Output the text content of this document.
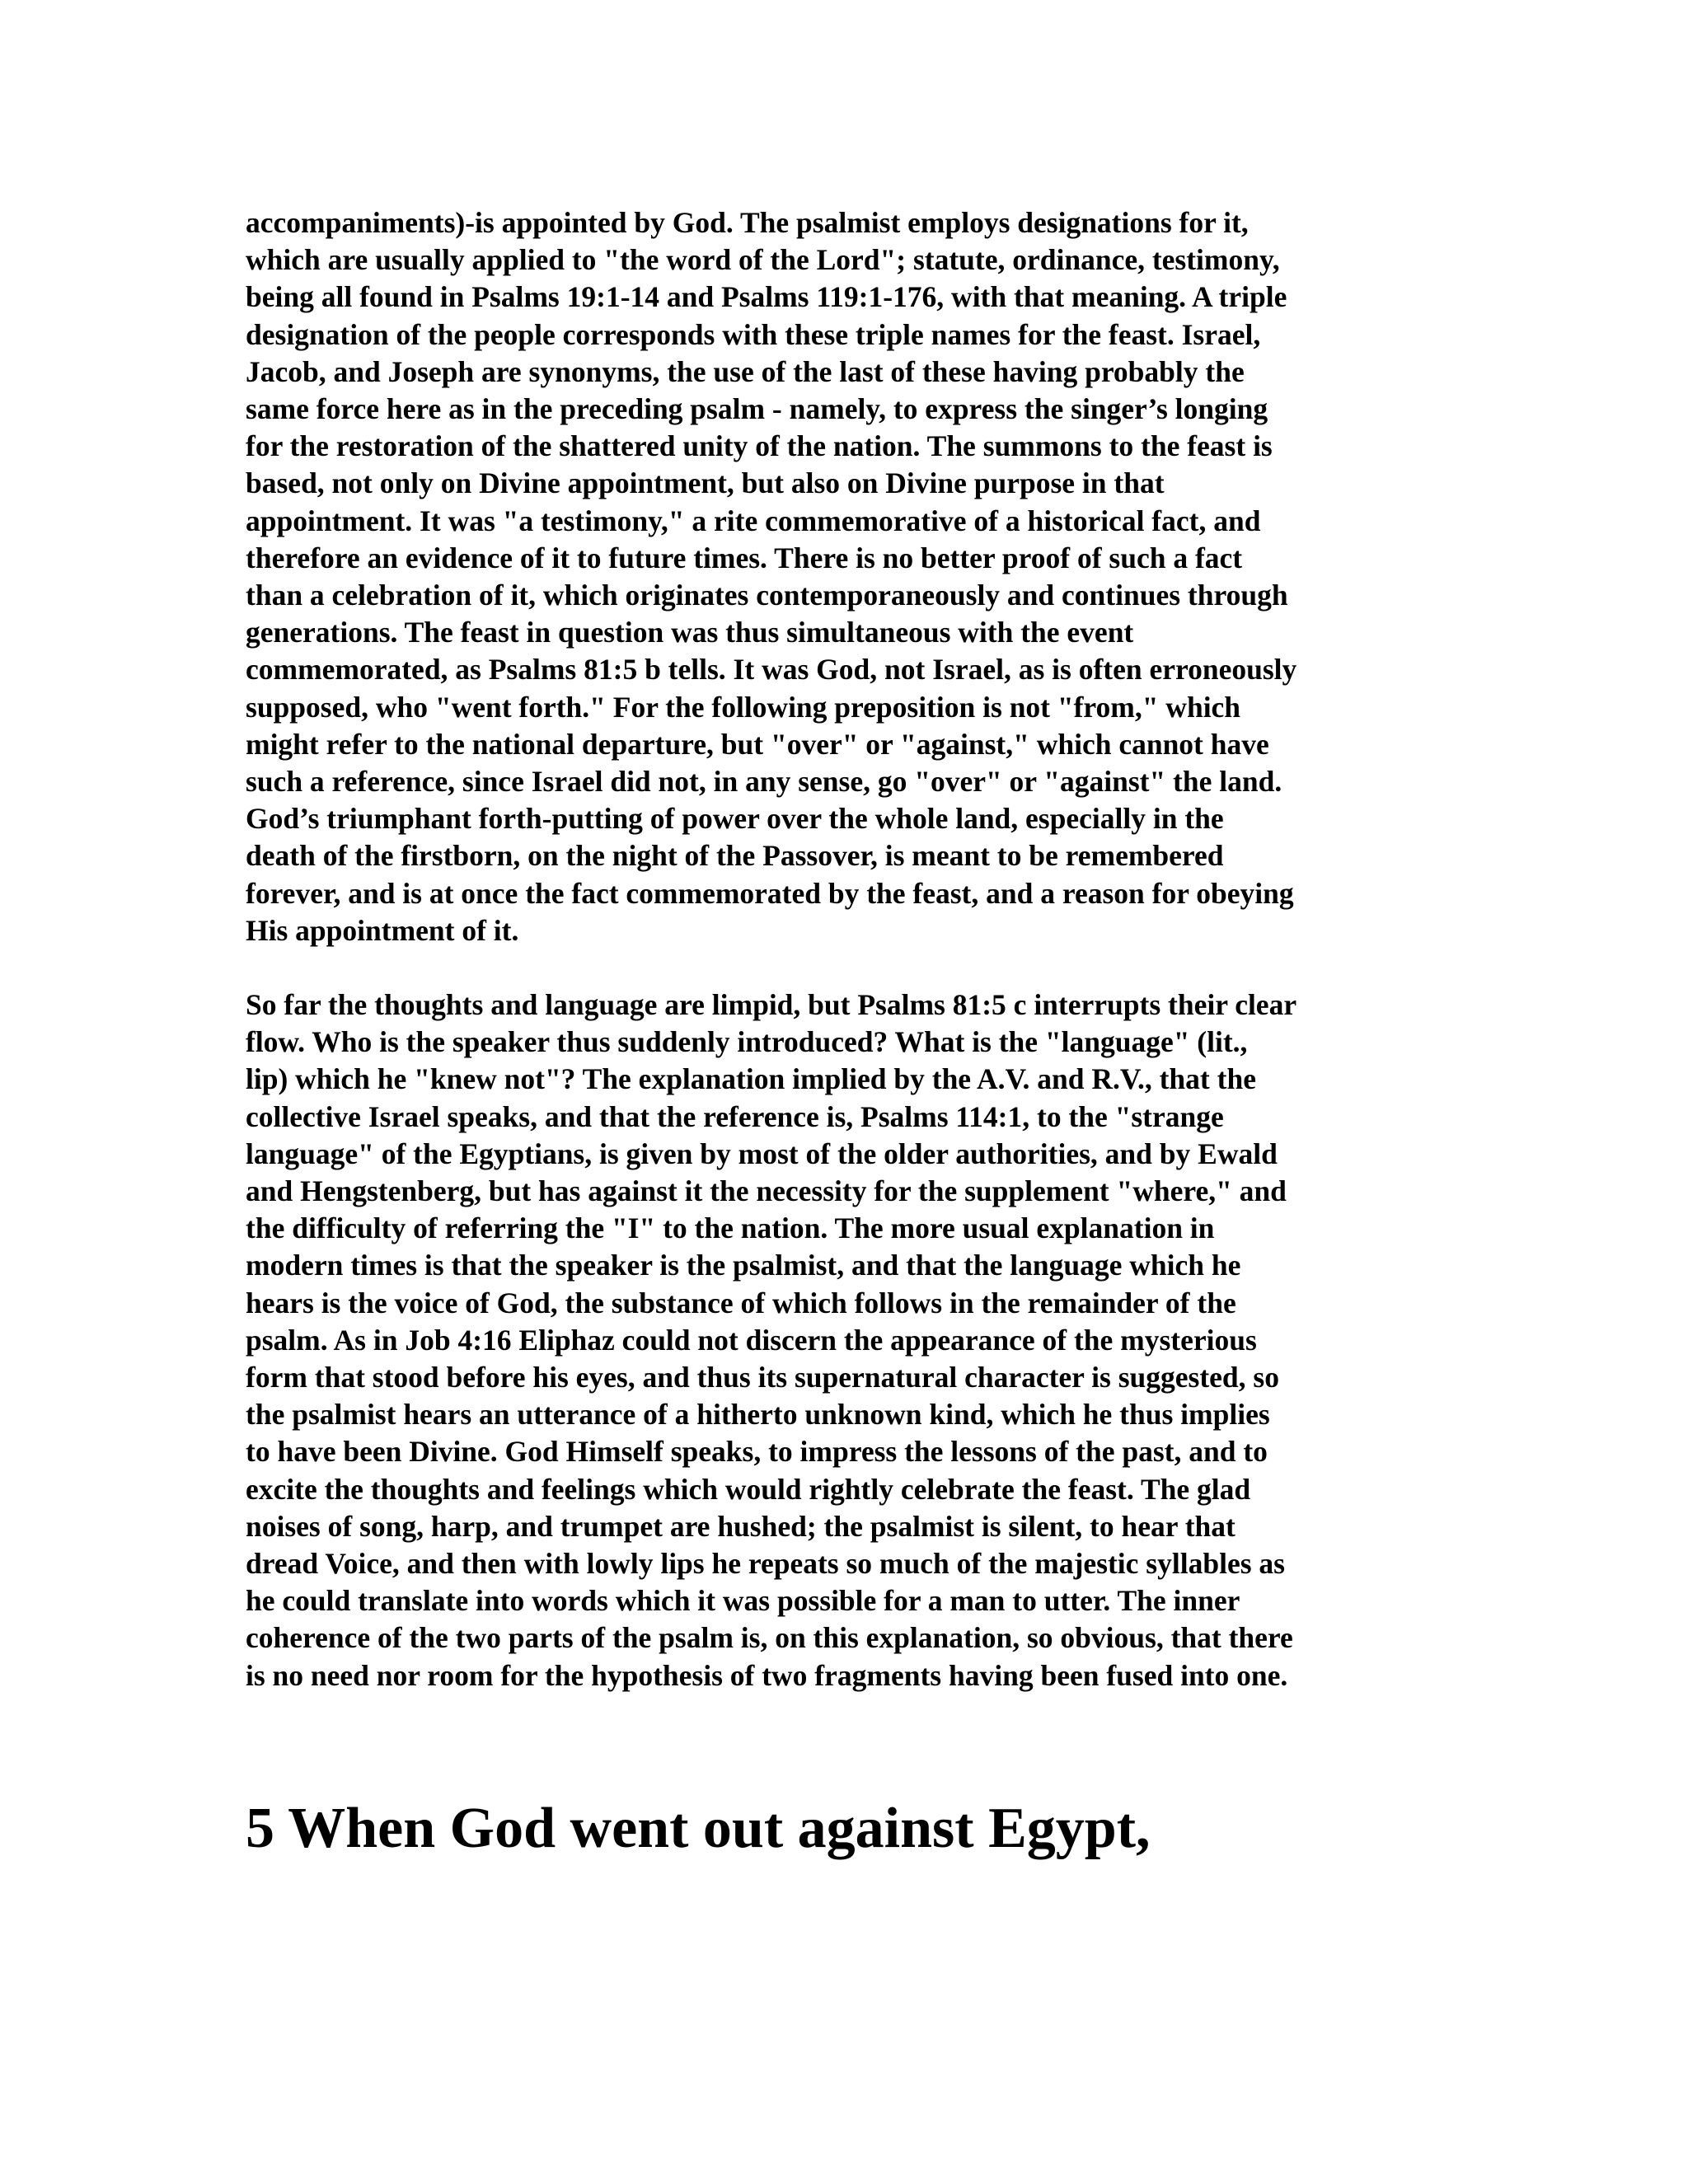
accompaniments)-is appointed by God. The psalmist employs designations for it,
which are usually applied to "the word of the Lord"; statute, ordinance, testimony,
being all found in Psalms 19:1-14 and Psalms 119:1-176, with that meaning. A triple
designation of the people corresponds with these triple names for the feast. Israel,
Jacob, and Joseph are synonyms, the use of the last of these having probably the
same force here as in the preceding psalm - namely, to express the singer’s longing
for the restoration of the shattered unity of the nation. The summons to the feast is
based, not only on Divine appointment, but also on Divine purpose in that
appointment. It was "a testimony," a rite commemorative of a historical fact, and
therefore an evidence of it to future times. There is no better proof of such a fact
than a celebration of it, which originates contemporaneously and continues through
generations. The feast in question was thus simultaneous with the event
commemorated, as Psalms 81:5 b tells. It was God, not Israel, as is often erroneously
supposed, who "went forth." For the following preposition is not "from," which
might refer to the national departure, but "over" or "against," which cannot have
such a reference, since Israel did not, in any sense, go "over" or "against" the land.
God’s triumphant forth-putting of power over the whole land, especially in the
death of the firstborn, on the night of the Passover, is meant to be remembered
forever, and is at once the fact commemorated by the feast, and a reason for obeying
His appointment of it.

So far the thoughts and language are limpid, but Psalms 81:5 c interrupts their clear
flow. Who is the speaker thus suddenly introduced? What is the "language" (lit.,
lip) which he "knew not"? The explanation implied by the A.V. and R.V., that the
collective Israel speaks, and that the reference is, Psalms 114:1, to the "strange
language" of the Egyptians, is given by most of the older authorities, and by Ewald
and Hengstenberg, but has against it the necessity for the supplement "where," and
the difficulty of referring the "I" to the nation. The more usual explanation in
modern times is that the speaker is the psalmist, and that the language which he
hears is the voice of God, the substance of which follows in the remainder of the
psalm. As in Job 4:16 Eliphaz could not discern the appearance of the mysterious
form that stood before his eyes, and thus its supernatural character is suggested, so
the psalmist hears an utterance of a hitherto unknown kind, which he thus implies
to have been Divine. God Himself speaks, to impress the lessons of the past, and to
excite the thoughts and feelings which would rightly celebrate the feast. The glad
noises of song, harp, and trumpet are hushed; the psalmist is silent, to hear that
dread Voice, and then with lowly lips he repeats so much of the majestic syllables as
he could translate into words which it was possible for a man to utter. The inner
coherence of the two parts of the psalm is, on this explanation, so obvious, that there
is no need nor room for the hypothesis of two fragments having been fused into one.

5 When God went out against Egypt,
